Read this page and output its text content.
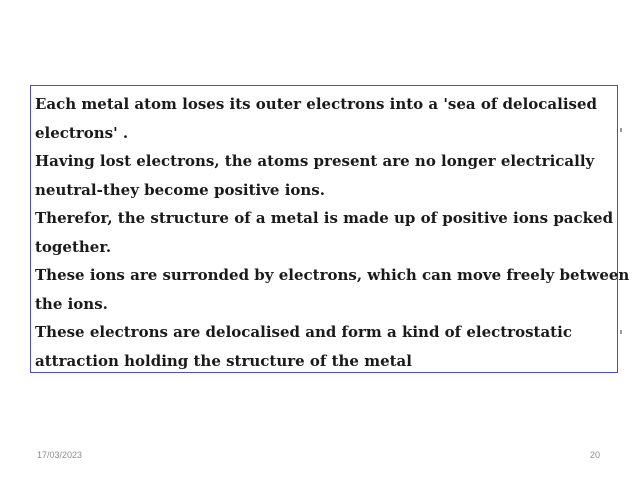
Each metal atom loses its outer electrons into a 'sea of delocalised

electrons' .

Having lost electrons, the atoms present are no longer electrically

neutral-they become positive ions.

Therefor, the structure of a metal is made up of positive ions packed

together.

These ions are surronded by electrons, which can move freely between

the ions.

These electrons are delocalised and form a kind of electrostatic

attraction holding the structure of the metal

17/03/2023	20
